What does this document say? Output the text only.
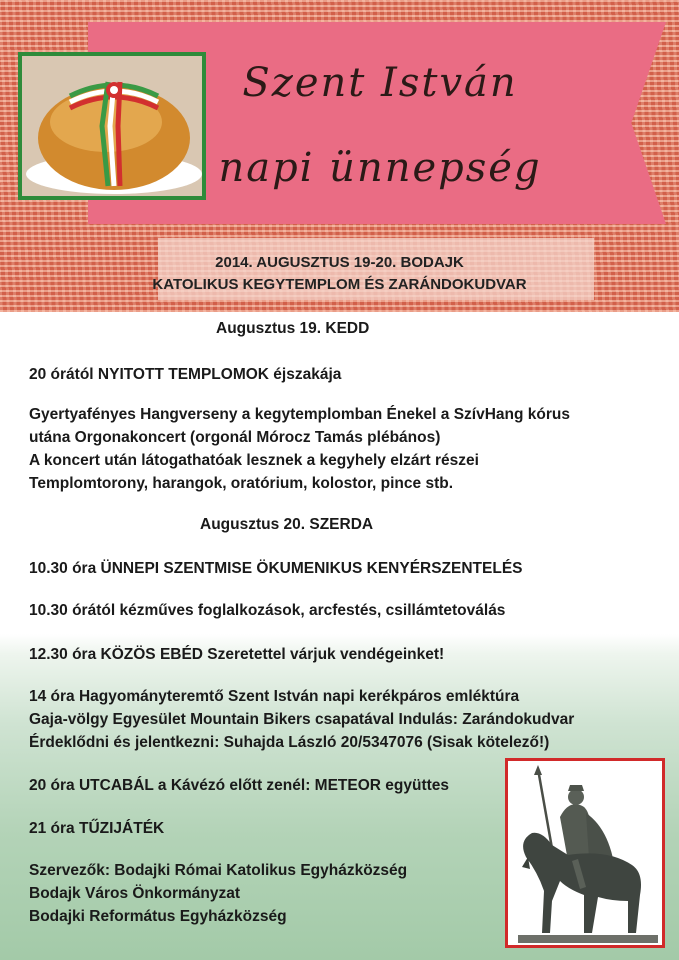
Szent István
napi ünnepség
2014. AUGUSZTUS 19-20. BODAJK
KATOLIKUS KEGYTEMPLOM ÉS ZARÁNDOKUDVAR
Augusztus 19. KEDD
20 órától NYITOTT TEMPLOMOK éjszakája
Gyertyafényes Hangverseny a kegytemplomban Énekel a SzívHang kórus
utána Orgonakoncert (orgonál Mórocz Tamás plébános)
A koncert után látogathatóak lesznek a kegyhely elzárt részei
Templomtorony, harangok, oratórium, kolostor, pince stb.
Augusztus 20. SZERDA
10.30 óra ÜNNEPI SZENTMISE ÖKUMENIKUS KENYÉRSZENTELÉS
10.30 órától kézműves foglalkozások, arcfestés, csillámtetoválás
12.30 óra KÖZÖS EBÉD Szeretettel várjuk vendégeinket!
14 óra Hagyományteremtő Szent István napi kerékpáros emléktúra
Gaja-völgy Egyesület Mountain Bikers csapatával Indulás: Zarándokudvar
Érdeklődni és jelentkezni: Suhajda László 20/5347076 (Sisak kötelező!)
20 óra UTCABÁL a Kávézó előtt zenél: METEOR együttes
21 óra TŰZIJÁTÉK
Szervezők: Bodajki Római Katolikus Egyházközség
Bodajk Város Önkormányzat
Bodajki Református Egyházközség
